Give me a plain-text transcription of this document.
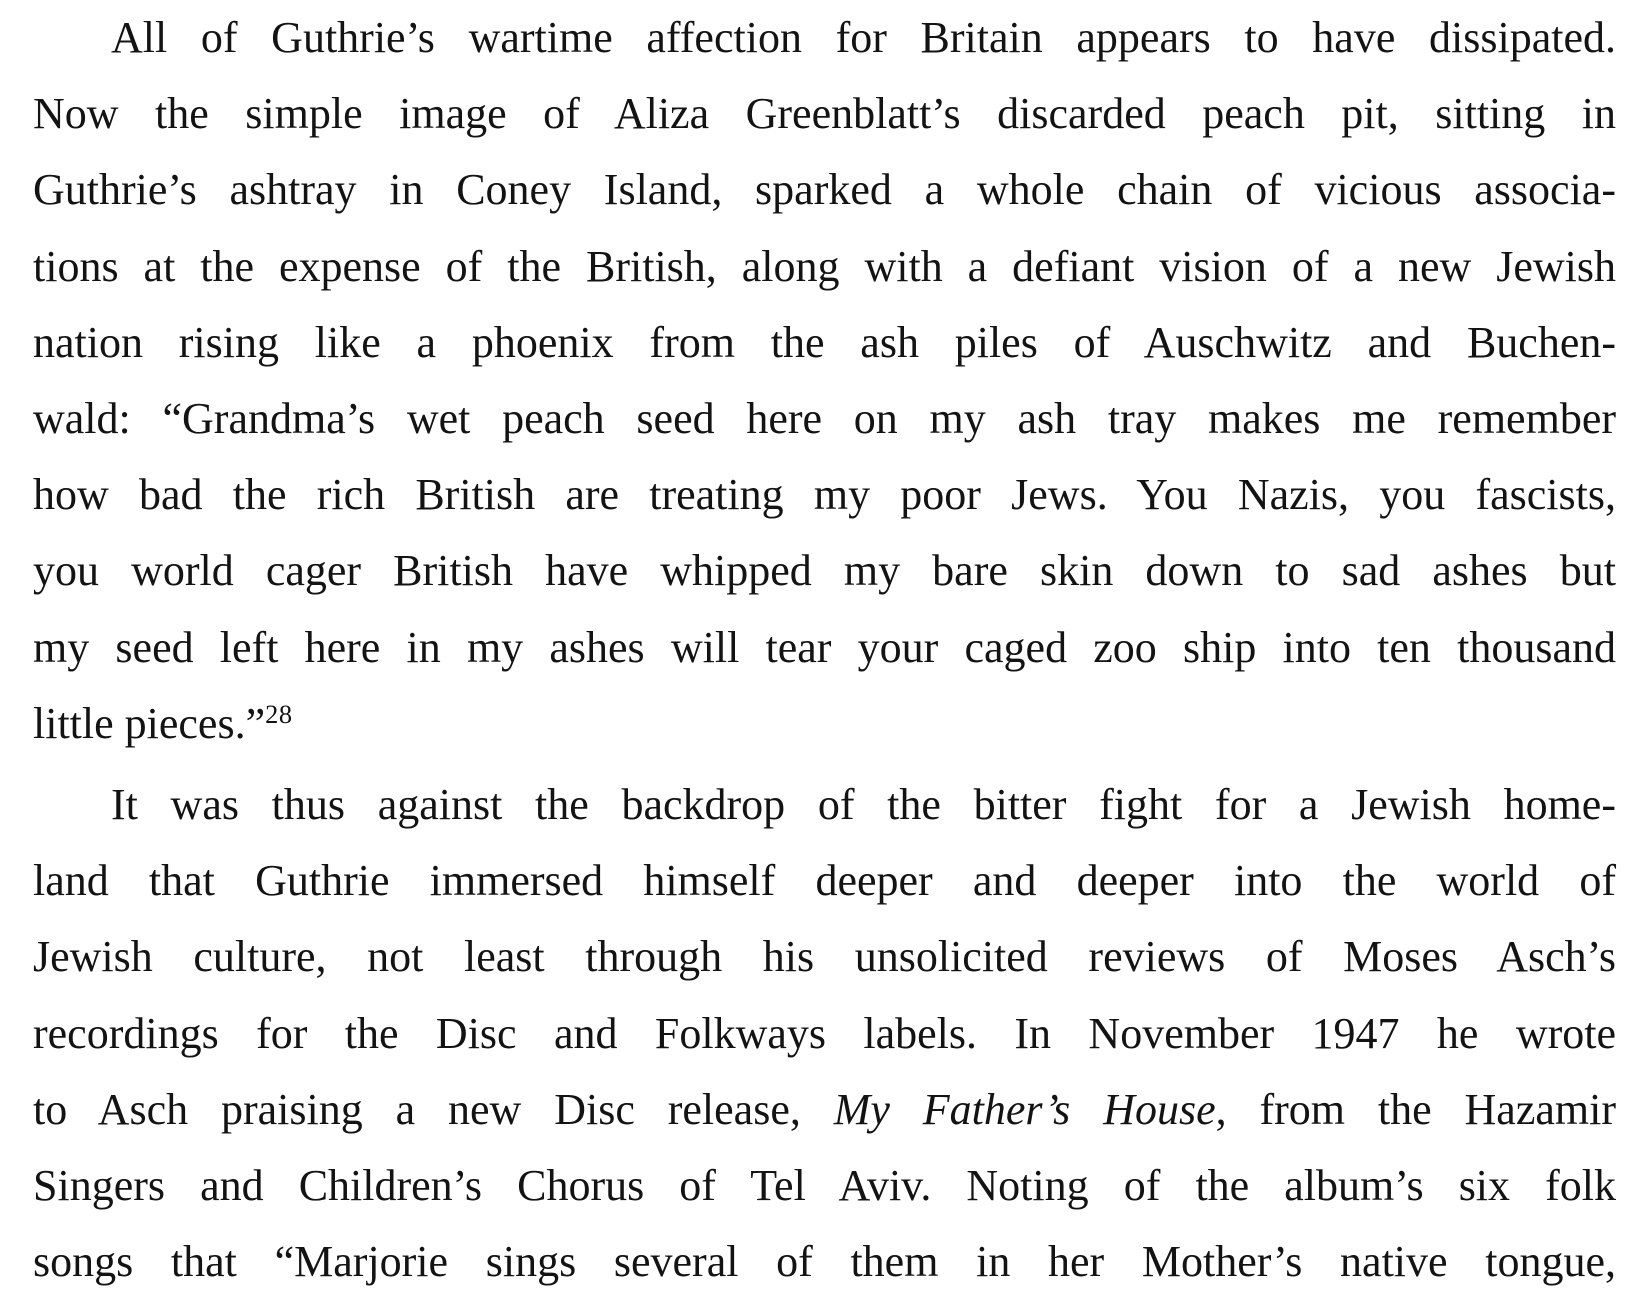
All of Guthrie’s wartime affection for Britain appears to have dissipated.
Now the simple image of Aliza Greenblatt’s discarded peach pit, sitting in
Guthrie’s ashtray in Coney Island, sparked a whole chain of vicious associa-
tions at the expense of the British, along with a defiant vision of a new Jewish
nation rising like a phoenix from the ash piles of Auschwitz and Buchen-
wald: “Grandma’s wet peach seed here on my ash tray makes me remember
how bad the rich British are treating my poor Jews. You Nazis, you fascists,
you world cager British have whipped my bare skin down to sad ashes but
my seed left here in my ashes will tear your caged zoo ship into ten thousand
little pieces.”$^{28}$
It was thus against the backdrop of the bitter fight for a Jewish home-
land that Guthrie immersed himself deeper and deeper into the world of
Jewish culture, not least through his unsolicited reviews of Moses Asch’s
recordings for the Disc and Folkways labels. In November 1947 he wrote
to Asch praising a new Disc release, My Father’s House, from the Hazamir
Singers and Children’s Chorus of Tel Aviv. Noting of the album’s six folk
songs that “Marjorie sings several of them in her Mother’s native tongue,
